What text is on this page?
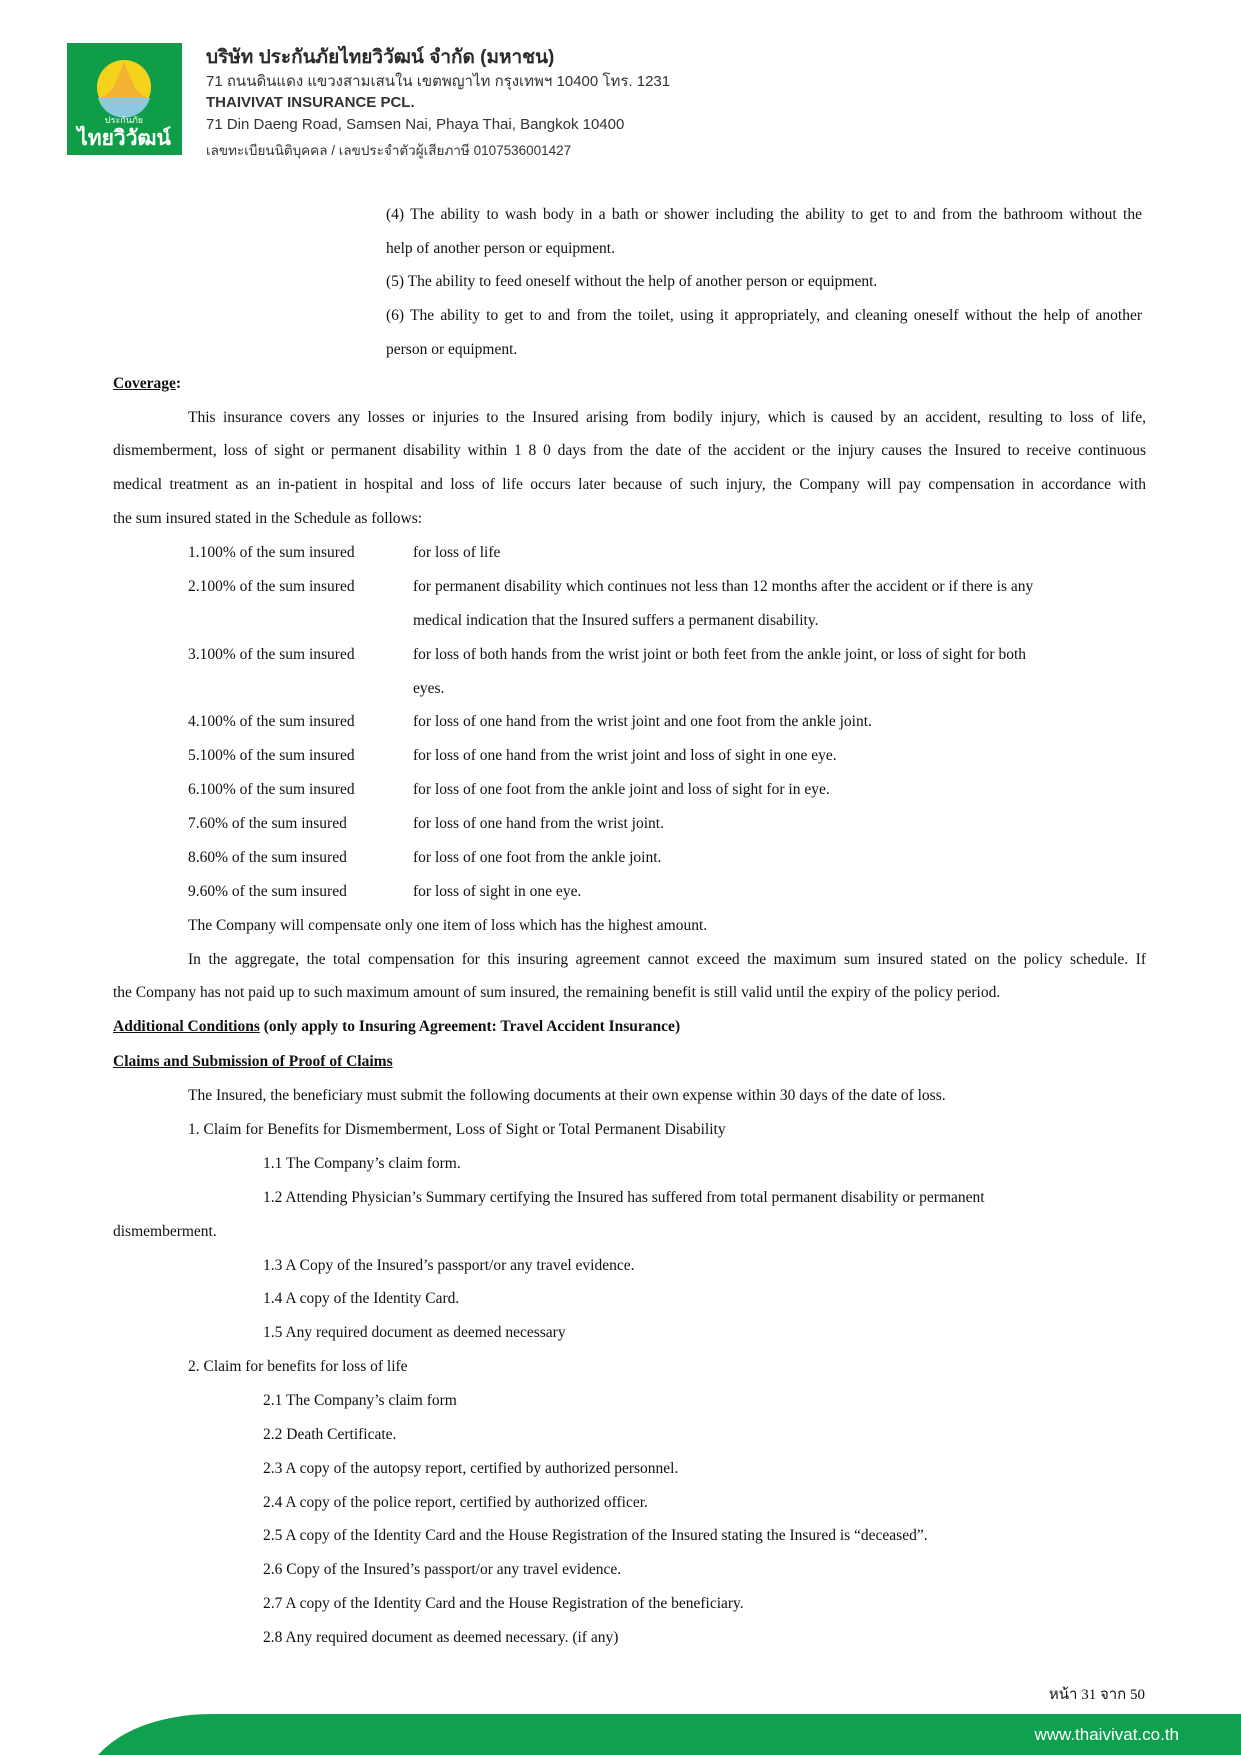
ประกันภัย
ไทยวิวัฒน์
บริษัท ประกันภัยไทยวิวัฒน์ จำกัด (มหาชน)
71 ถนนดินแดง แขวงสามเสนใน เขตพญาไท กรุงเทพฯ 10400 โทร. 1231
THAIVIVAT INSURANCE PCL.
71 Din Daeng Road, Samsen Nai, Phaya Thai, Bangkok 10400
เลขทะเบียนนิติบุคคล / เลขประจำตัวผู้เสียภาษี 0107536001427
(4) The ability to wash body in a bath or shower including the ability to get to and from the bathroom without the
help of another person or equipment.
(5) The ability to feed oneself without the help of another person or equipment.
(6) The ability to get to and from the toilet, using it appropriately, and cleaning oneself without the help of another
person or equipment.
Coverage:
This insurance covers any losses or injuries to the Insured arising from bodily injury, which is caused by an accident, resulting to loss of life,
dismemberment, loss of sight or permanent disability within 1 8 0 days from the date of the accident or the injury causes the Insured to receive continuous
medical treatment as an in-patient in hospital and loss of life occurs later because of such injury, the Company will pay compensation in accordance with
the sum insured stated in the Schedule as follows:
1.100% of the sum insured	for loss of life
2.100% of the sum insured	for permanent disability which continues not less than 12 months after the accident or if there is any
medical indication that the Insured suffers a permanent disability.
3.100% of the sum insured	for loss of both hands from the wrist joint or both feet from the ankle joint, or loss of sight for both
eyes.
4.100% of the sum insured	for loss of one hand from the wrist joint and one foot from the ankle joint.
5.100% of the sum insured	for loss of one hand from the wrist joint and loss of sight in one eye.
6.100% of the sum insured	for loss of one foot from the ankle joint and loss of sight for in eye.
7.60% of the sum insured	for loss of one hand from the wrist joint.
8.60% of the sum insured	for loss of one foot from the ankle joint.
9.60% of the sum insured	for loss of sight in one eye.
The Company will compensate only one item of loss which has the highest amount.
In the aggregate, the total compensation for this insuring agreement cannot exceed the maximum sum insured stated on the policy schedule. If
the Company has not paid up to such maximum amount of sum insured, the remaining benefit is still valid until the expiry of the policy period.
Additional Conditions (only apply to Insuring Agreement: Travel Accident Insurance)
Claims and Submission of Proof of Claims
The Insured, the beneficiary must submit the following documents at their own expense within 30 days of the date of loss.
1. Claim for Benefits for Dismemberment, Loss of Sight or Total Permanent Disability
1.1 The Company’s claim form.
1.2 Attending Physician’s Summary certifying the Insured has suffered from total permanent disability or permanent
dismemberment.
1.3 A Copy of the Insured’s passport/or any travel evidence.
1.4 A copy of the Identity Card.
1.5 Any required document as deemed necessary
2. Claim for benefits for loss of life
2.1 The Company’s claim form
2.2 Death Certificate.
2.3 A copy of the autopsy report, certified by authorized personnel.
2.4 A copy of the police report, certified by authorized officer.
2.5 A copy of the Identity Card and the House Registration of the Insured stating the Insured is “deceased”.
2.6 Copy of the Insured’s passport/or any travel evidence.
2.7 A copy of the Identity Card and the House Registration of the beneficiary.
2.8 Any required document as deemed necessary. (if any)
หน้า 31 จาก 50
www.thaivivat.co.th
